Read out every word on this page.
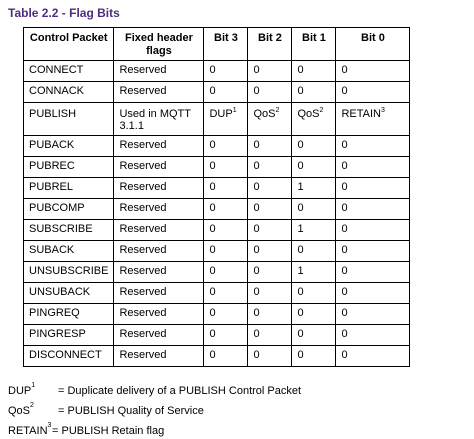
Table 2.2 - Flag Bits
Control Packet	Fixed header flags	Bit 3	Bit 2	Bit 1	Bit 0
CONNECT	Reserved	0	0	0	0
CONNACK	Reserved	0	0	0	0
PUBLISH	Used in MQTT 3.1.1	DUP$^1$	QoS$^2$	QoS$^2$	RETAIN$^3$
PUBACK	Reserved	0	0	0	0
PUBREC	Reserved	0	0	0	0
PUBREL	Reserved	0	0	1	0
PUBCOMP	Reserved	0	0	0	0
SUBSCRIBE	Reserved	0	0	1	0
SUBACK	Reserved	0	0	0	0
UNSUBSCRIBE	Reserved	0	0	1	0
UNSUBACK	Reserved	0	0	0	0
PINGREQ	Reserved	0	0	0	0
PINGRESP	Reserved	0	0	0	0
DISCONNECT	Reserved	0	0	0	0
$DUP^1$ = Duplicate delivery of a PUBLISH Control Packet
QoS$^2$ = PUBLISH Quality of Service
$RETAIN^3=$ PUBLISH Retain flag
